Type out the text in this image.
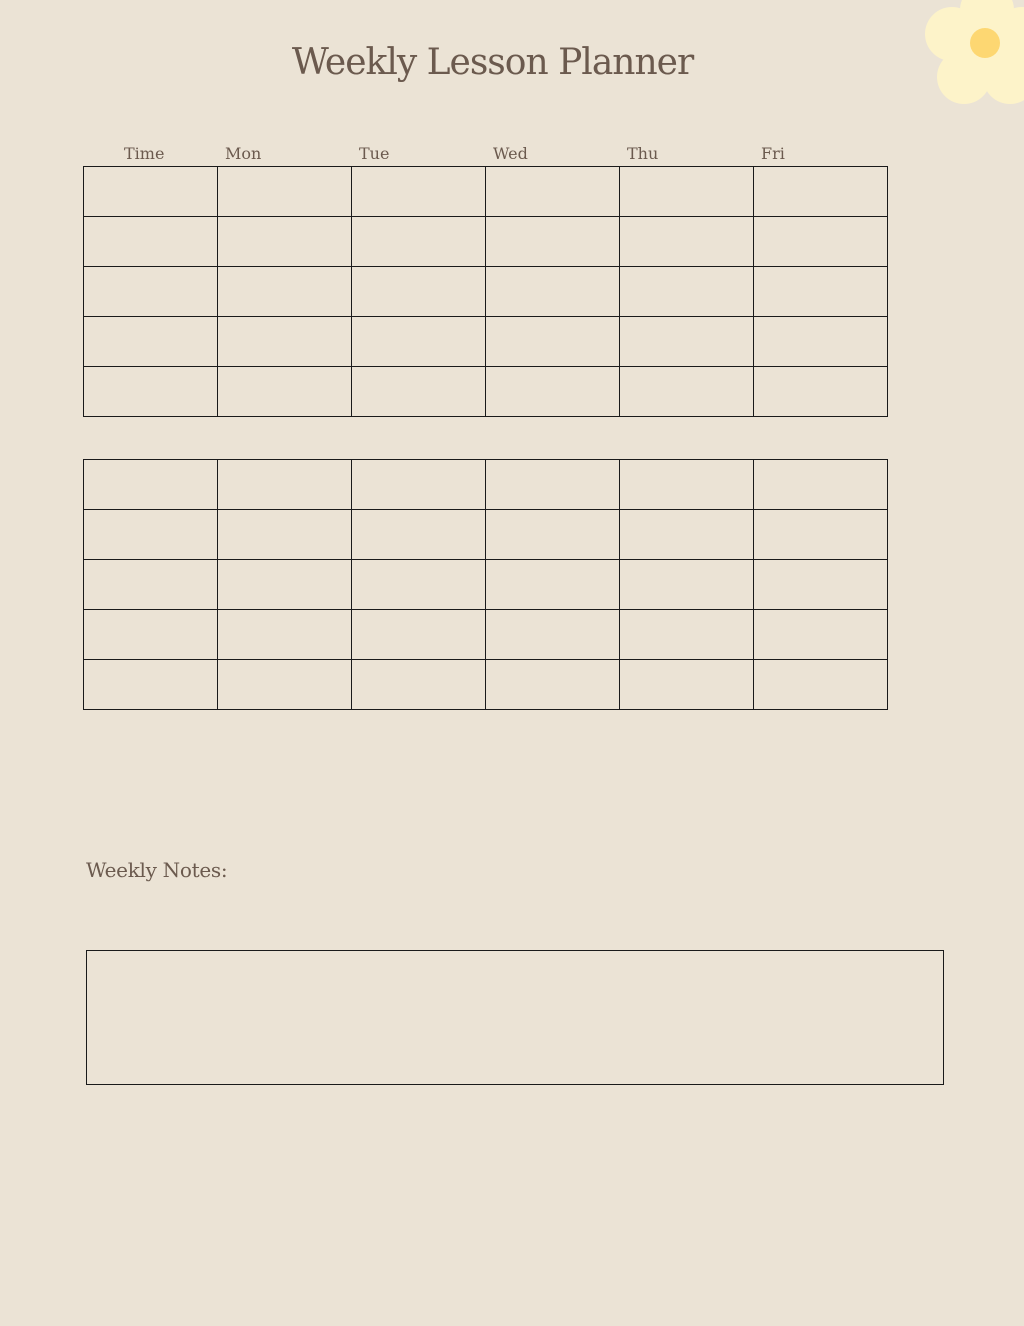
Weekly Lesson Planner
Time	Mon	Tue	Wed	Thu	Fri
Weekly Notes:
